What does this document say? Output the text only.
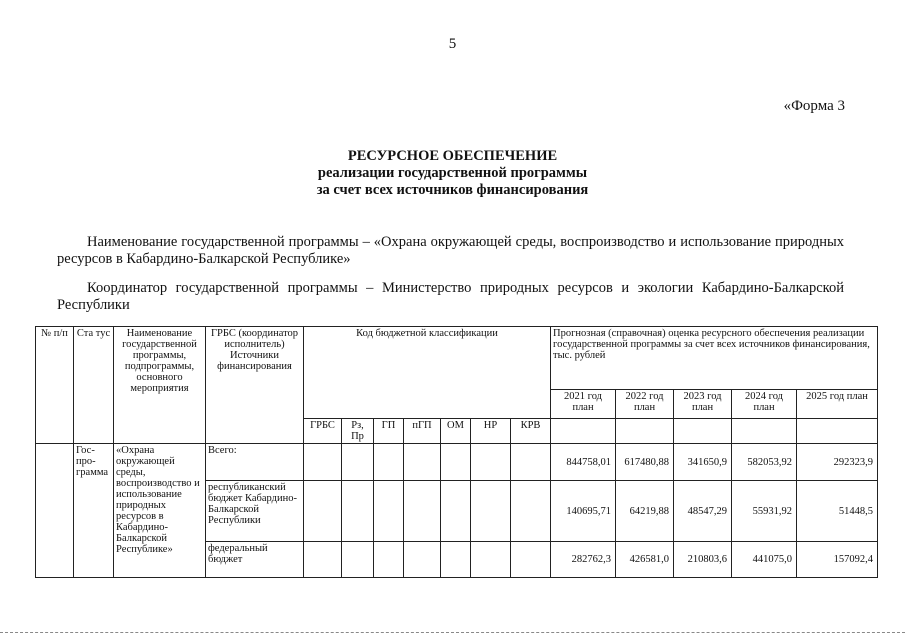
5
«Форма 3
РЕСУРСНОЕ ОБЕСПЕЧЕНИЕ
реализации государственной программы
за счет всех источников финансирования
Наименование государственной программы – «Охрана окружающей среды, воспроизводство и использование природных ресурсов в Кабардино-Балкарской Республике»
Координатор государственной программы – Министерство природных ресурсов и экологии Кабардино-Балкарской Республики
№ п/п	Ста тус	Наименование государственной программы, подпрограммы, основного мероприятия	ГРБС (координатор исполнитель) Источники финансирования	Код бюджетной классификации							Прогнозная (справочная) оценка ресурсного обеспечения реализации государственной программы за счет всех источников финансирования, тыс. рублей				
											2021 год план	2022 год план	2023 год план	2024 год план	2025 год план
				ГРБС	Рз, Пр	ГП	пГП	ОМ	НР	КРВ					
	Гос-про-грамма	«Охрана окружающей среды, воспроизводство и использование природных ресурсов в Кабардино-Балкарской Республике»	Всего:								844758,01	617480,88	341650,9	582053,92	292323,9
			республиканский бюджет Кабардино-Балкарской Республики								140695,71	64219,88	48547,29	55931,92	51448,5
			федеральный бюджет								282762,3	426581,0	210803,6	441075,0	157092,4
